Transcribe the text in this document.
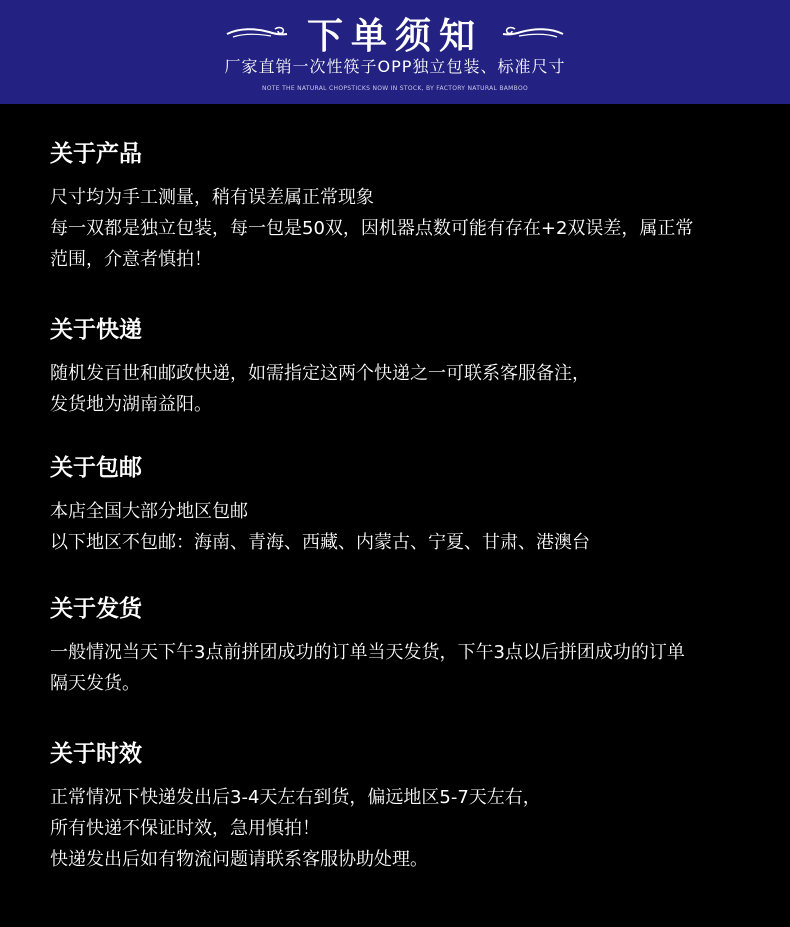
下单须知
厂家直销一次性筷子OPP独立包装、标准尺寸
NOTE THE NATURAL CHOPSTICKS NOW IN STOCK, BY FACTORY NATURAL BAMBOO
关于产品

尺寸均为手工测量，稍有误差属正常现象

每一双都是独立包装，每一包是50双，因机器点数可能有存在+2双误差，属正常

范围，介意者慎拍！

关于快递

随机发百世和邮政快递，如需指定这两个快递之一可联系客服备注，

发货地为湖南益阳。

关于包邮

本店全国大部分地区包邮

以下地区不包邮：海南、青海、西藏、内蒙古、宁夏、甘肃、港澳台

关于发货

一般情况当天下午3点前拼团成功的订单当天发货，下午3点以后拼团成功的订单

隔天发货。

关于时效

正常情况下快递发出后3-4天左右到货，偏远地区5-7天左右，

所有快递不保证时效，急用慎拍！

快递发出后如有物流问题请联系客服协助处理。
